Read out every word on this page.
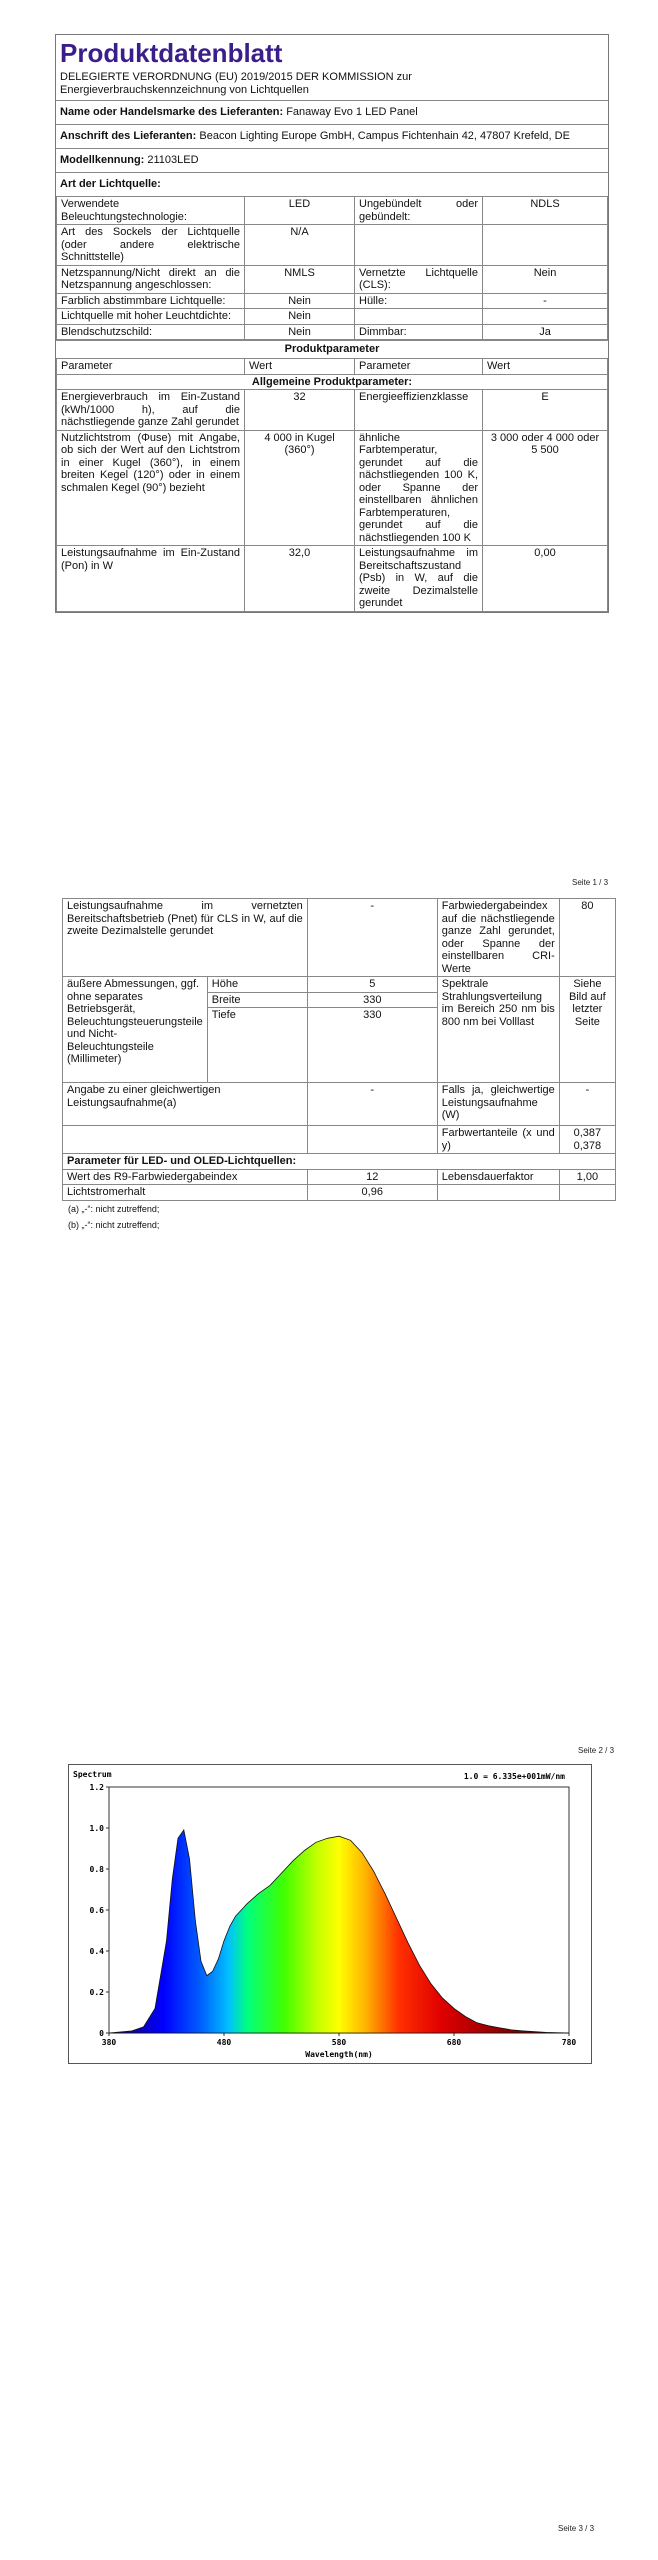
Produktdatenblatt
DELEGIERTE VERORDNUNG (EU) 2019/2015 DER KOMMISSION zur
Energieverbrauchskennzeichnung von Lichtquellen
Name oder Handelsmarke des Lieferanten: Fanaway Evo 1 LED Panel
Anschrift des Lieferanten: Beacon Lighting Europe GmbH, Campus Fichtenhain 42, 47807 Krefeld, DE
Modellkennung: 21103LED
Art der Lichtquelle:
Verwendete Beleuchtungstechnologie:	LED	Ungebündelt oder gebündelt:	NDLS
Art des Sockels der Lichtquelle (oder andere elektrische Schnittstelle)	N/A		
Netzspannung/Nicht direkt an die Netzspannung angeschlossen:	NMLS	Vernetzte Lichtquelle (CLS):	Nein
Farblich abstimmbare Lichtquelle:	Nein	Hülle:	-
Lichtquelle mit hoher Leuchtdichte:	Nein		
Blendschutzschild:	Nein	Dimmbar:	Ja
Produktparameter
Parameter	Wert	Parameter	Wert
Allgemeine Produktparameter:			
Energieverbrauch im Ein-Zustand (kWh/1000 h), auf die nächstliegende ganze Zahl gerundet	32	Energieeffizienzklasse	E
Nutzlichtstrom (Φuse) mit Angabe, ob sich der Wert auf den Lichtstrom in einer Kugel (360°), in einem breiten Kegel (120°) oder in einem schmalen Kegel (90°) bezieht	4 000 in Kugel (360°)	ähnliche Farbtemperatur, gerundet auf die nächstliegenden 100 K, oder Spanne der einstellbaren ähnlichen Farbtemperaturen, gerundet auf die nächstliegenden 100 K	3 000 oder 4 000 oder 5 500
Leistungsaufnahme im Ein-Zustand (Pon) in W	32,0	Leistungsaufnahme im Bereitschaftszustand (Psb) in W, auf die zweite Dezimalstelle gerundet	0,00
Seite 1 / 3
Leistungsaufnahme im vernetzten Bereitschaftsbetrieb (Pnet) für CLS in W, auf die zweite Dezimalstelle gerundet		-	Farbwiedergabeindex auf die nächstliegende ganze Zahl gerundet, oder Spanne der einstellbaren CRI-Werte	80
äußere Abmessungen, ggf. ohne separates Betriebsgerät, Beleuchtungsteuerungsteile und Nicht-Beleuchtungsteile (Millimeter)	Höhe	5	Spektrale Strahlungsverteilung im Bereich 250 nm bis 800 nm bei Volllast	Siehe Bild auf letzter Seite
	Breite	330		
	Tiefe	330		
Angabe zu einer gleichwertigen Leistungsaufnahme(a)		-	Falls ja, gleichwertige Leistungsaufnahme (W)	-
			Farbwertanteile (x und y)	0,387
0,378

Parameter für LED- und OLED-Lichtquellen:				
Wert des R9-Farbwiedergabeindex		12	Lebensdauerfaktor	1,00
Lichtstromerhalt		0,96		
(a) „-“: nicht zutreffend;
(b) „-“: nicht zutreffend;
Seite 2 / 3
0
0.2
0.4
0.6
0.8
1.0
1.2
380	480	580	680	780
Spectrum	1.0 = 6.335e+001mW/nm
Wavelength(nm)
Seite 3 / 3
